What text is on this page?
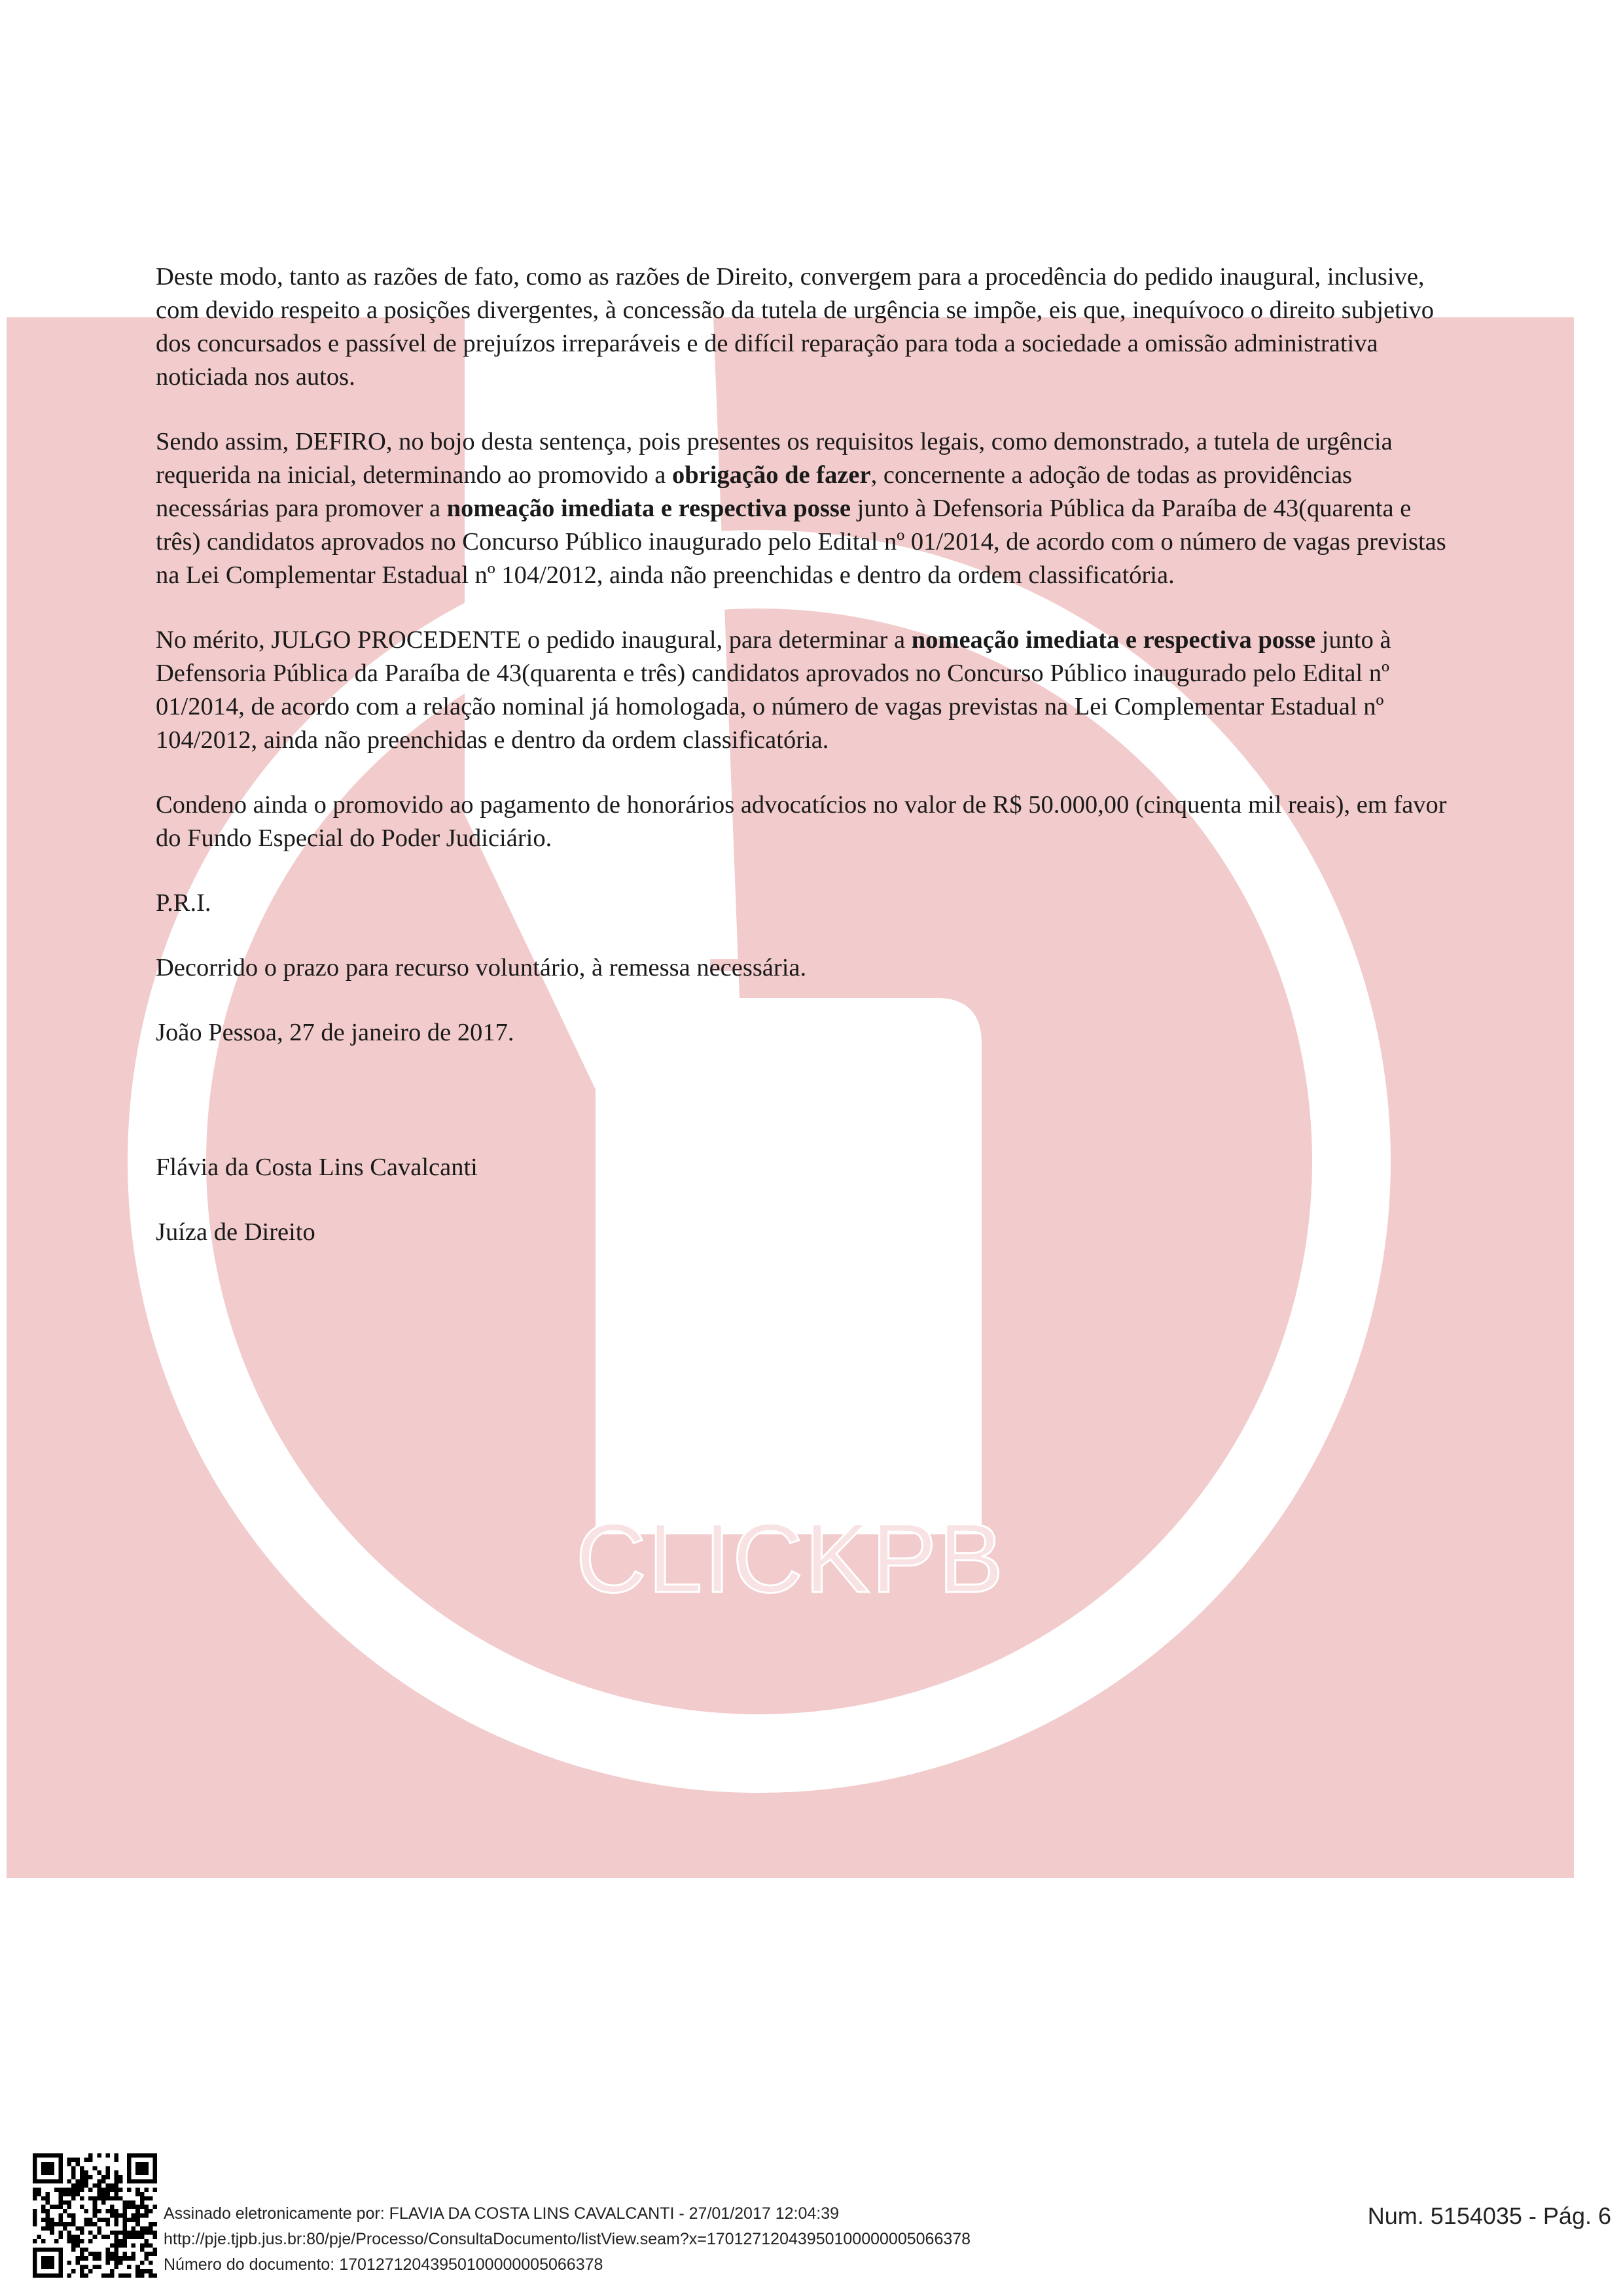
CLICKPB

Deste modo, tanto as razões de fato, como as razões de Direito, convergem para a procedência do pedido inaugural, inclusive, com devido respeito a posições divergentes, à concessão da tutela de urgência se impõe, eis que, inequívoco o direito subjetivo dos concursados e passível de prejuízos irreparáveis e de difícil reparação para toda a sociedade a omissão administrativa noticiada nos autos.

Sendo assim, DEFIRO, no bojo desta sentença, pois presentes os requisitos legais, como demonstrado, a tutela de urgência requerida na inicial, determinando ao promovido a obrigação de fazer, concernente a adoção de todas as providências necessárias para promover a nomeação imediata e respectiva posse junto à Defensoria Pública da Paraíba de 43(quarenta e três) candidatos aprovados no Concurso Público inaugurado pelo Edital nº 01/2014, de acordo com o número de vagas previstas na Lei Complementar Estadual nº 104/2012, ainda não preenchidas e dentro da ordem classificatória.

No mérito, JULGO PROCEDENTE o pedido inaugural, para determinar a nomeação imediata e respectiva posse junto à Defensoria Pública da Paraíba de 43(quarenta e três) candidatos aprovados no Concurso Público inaugurado pelo Edital nº 01/2014, de acordo com a relação nominal já homologada, o número de vagas previstas na Lei Complementar Estadual nº 104/2012, ainda não preenchidas e dentro da ordem classificatória.

Condeno ainda o promovido ao pagamento de honorários advocatícios no valor de R$ 50.000,00 (cinquenta mil reais), em favor do Fundo Especial do Poder Judiciário.

P.R.I.

Decorrido o prazo para recurso voluntário, à remessa necessária.

João Pessoa, 27 de janeiro de 2017.

Flávia da Costa Lins Cavalcanti

Juíza de Direito

Assinado eletronicamente por: FLAVIA DA COSTA LINS CAVALCANTI - 27/01/2017 12:04:39
http://pje.tjpb.jus.br:80/pje/Processo/ConsultaDocumento/listView.seam?x=17012712043950100000005066378
Número do documento: 17012712043950100000005066378
Num. 5154035 - Pág. 6
